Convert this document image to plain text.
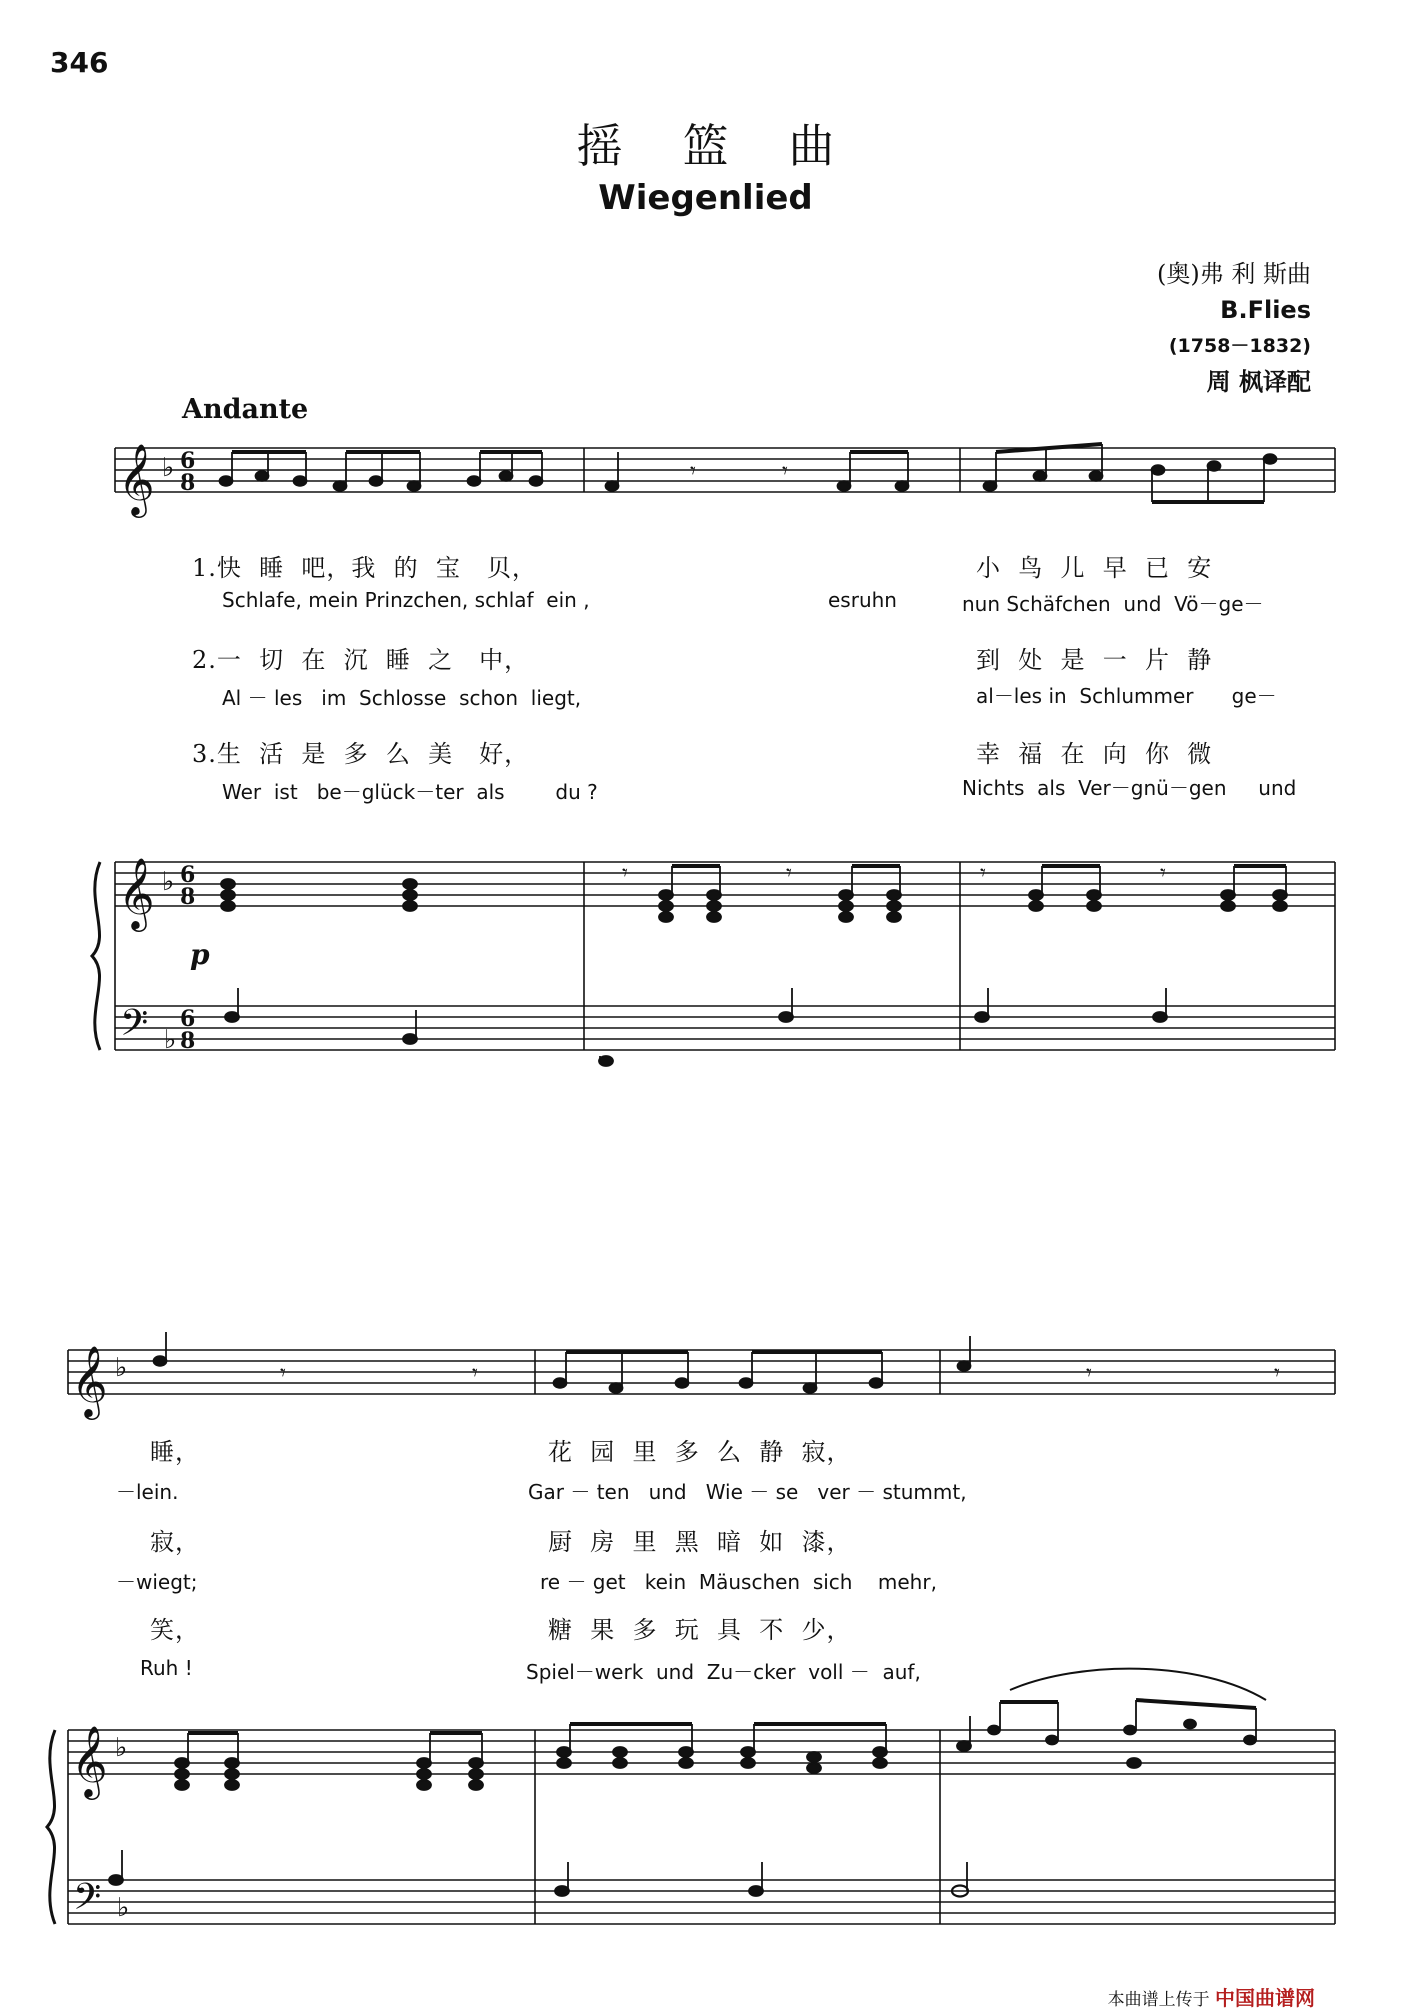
346
摇篮曲
Wiegenlied
(奥)弗 利 斯曲
B.Flies
(1758－1832)
周 枫译配
Andante
𝄞
𝄞
𝄢
𝄞
𝄞
𝄢
♭
♭
♭
♭
♭
♭
6
8
6
8
6
8
𝄾	𝄾
𝄾	𝄾	𝄾	𝄾
𝄾	𝄾	𝄾	𝄾
p
1.快  睡  吧，我  的  宝   贝，	小  鸟  儿  早  已  安
Schlafe, mein Prinzchen, schlaf  ein ,	esruhn	nun Schäfchen  und  Vö－ge－
2.一  切  在  沉  睡  之   中，	到  处  是  一  片  静
Al － les   im  Schlosse  schon  liegt,	al－les in  Schlummer      ge－
3.生  活  是  多  么  美   好，	幸  福  在  向  你  微
Wer  ist   be－glück－ter  als        du ?	Nichts  als  Ver－gnü－gen     und
睡，	花  园  里  多  么  静  寂，
－lein.	Gar － ten   und   Wie － se   ver － stummt,
寂，	厨  房  里  黑  暗  如  漆，
－wiegt;	re － get   kein  Mäuschen  sich    mehr,
笑，	糖  果  多  玩  具  不  少，
Ruh !	Spiel－werk  und  Zu－cker  voll －  auf,
本曲谱上传于 中国曲谱网
